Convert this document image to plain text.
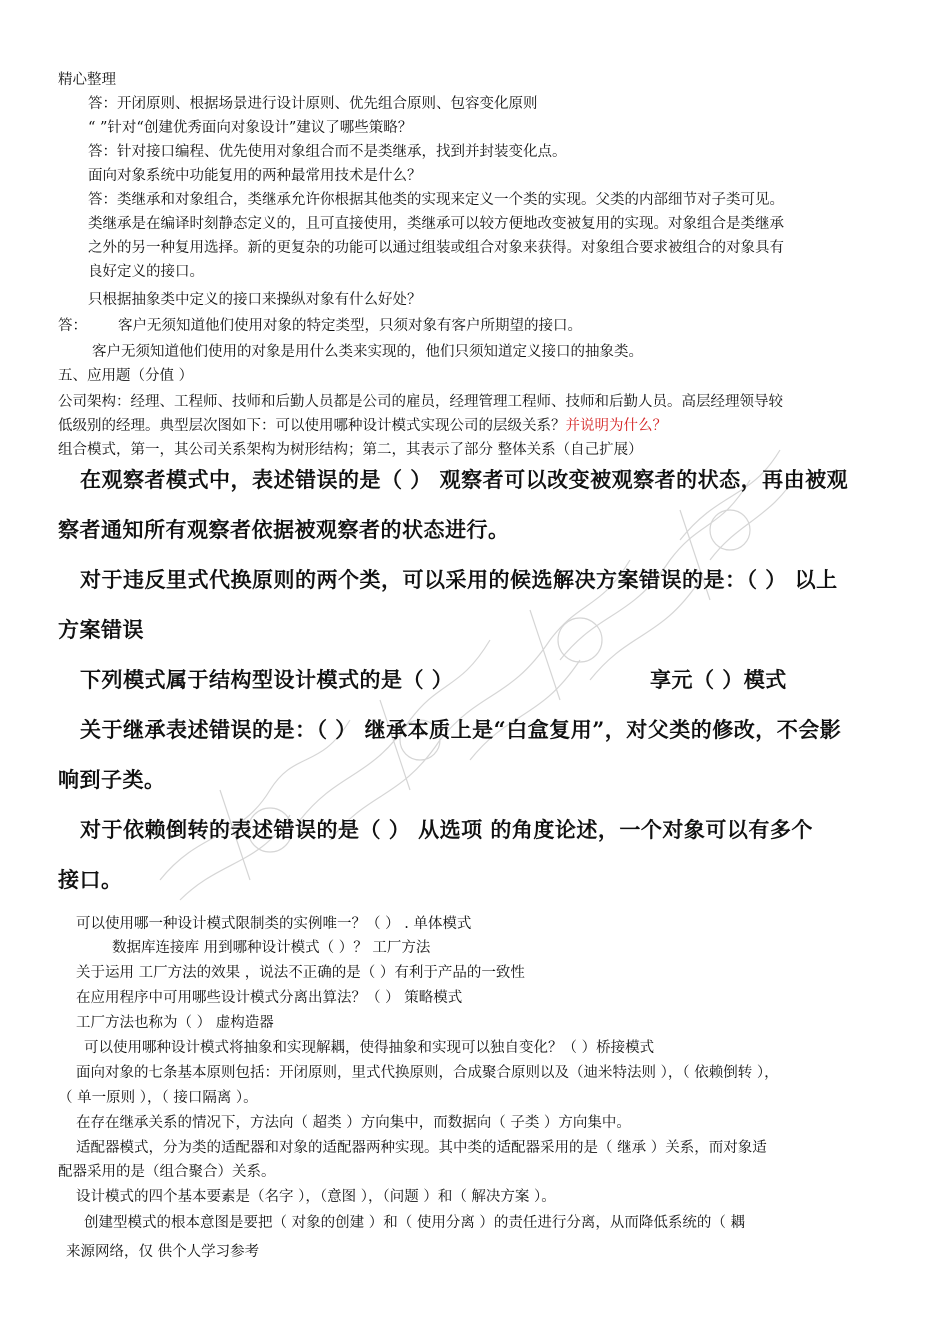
精心整理
答：开闭原则、根据场景进行设计原则、优先组合原则、包容变化原则
“ ”针对“创建优秀面向对象设计”建议了哪些策略？
答：针对接口编程、优先使用对象组合而不是类继承，找到并封装变化点。
面向对象系统中功能复用的两种最常用技术是什么？
答：类继承和对象组合，类继承允许你根据其他类的实现来定义一个类的实现。父类的内部细节对子类可见。
类继承是在编译时刻静态定义的，且可直接使用，类继承可以较方便地改变被复用的实现。对象组合是类继承
之外的另一种复用选择。新的更复杂的功能可以通过组装或组合对象来获得。对象组合要求被组合的对象具有
良好定义的接口。
只根据抽象类中定义的接口来操纵对象有什么好处？
答： 客户无须知道他们使用对象的特定类型，只须对象有客户所期望的接口。
客户无须知道他们使用的对象是用什么类来实现的，他们只须知道定义接口的抽象类。
五、应用题（分值 ）
公司架构：经理、工程师、技师和后勤人员都是公司的雇员，经理管理工程师、技师和后勤人员。高层经理领导较
低级别的经理。典型层次图如下：可以使用哪种设计模式实现公司的层级关系？并说明为什么？
组合模式，第一，其公司关系架构为树形结构；第二，其表示了部分 整体关系（自己扩展）
在观察者模式中，表述错误的是（ ） 观察者可以改变被观察者的状态，再由被观
察者通知所有观察者依据被观察者的状态进行。
对于违反里式代换原则的两个类，可以采用的候选解决方案错误的是：（ ） 以上
方案错误
下列模式属于结构型设计模式的是（ ）	享元（ ）模式
关于继承表述错误的是：（ ） 继承本质上是“白盒复用”，对父类的修改，不会影
响到子类。
对于依赖倒转的表述错误的是（ ） 从选项 的角度论述，一个对象可以有多个
接口。
可以使用哪一种设计模式限制类的实例唯一？（ ） . 单体模式
数据库连接库 用到哪种设计模式（ ）？ 工厂方法
关于运用 工厂方法的效果 ，说法不正确的是（ ）有利于产品的一致性
在应用程序中可用哪些设计模式分离出算法？（ ） 策略模式
工厂方法也称为（ ） 虚构造器
可以使用哪种设计模式将抽象和实现解耦，使得抽象和实现可以独自变化？（ ）桥接模式
面向对象的七条基本原则包括：开闭原则，里式代换原则，合成聚合原则以及（迪米特法则 ），（ 依赖倒转 ），
（ 单一原则 ），（ 接口隔离 ）。
在存在继承关系的情况下，方法向（ 超类 ）方向集中，而数据向（ 子类 ）方向集中。
适配器模式，分为类的适配器和对象的适配器两种实现。其中类的适配器采用的是（ 继承 ）关系，而对象适
配器采用的是（组合聚合）关系。
设计模式的四个基本要素是（名字 ），（意图 ），（问题 ）和（ 解决方案 ）。
创建型模式的根本意图是要把（ 对象的创建 ）和（ 使用分离 ）的责任进行分离，从而降低系统的（ 耦
来源网络，仅 供个人学习参考
